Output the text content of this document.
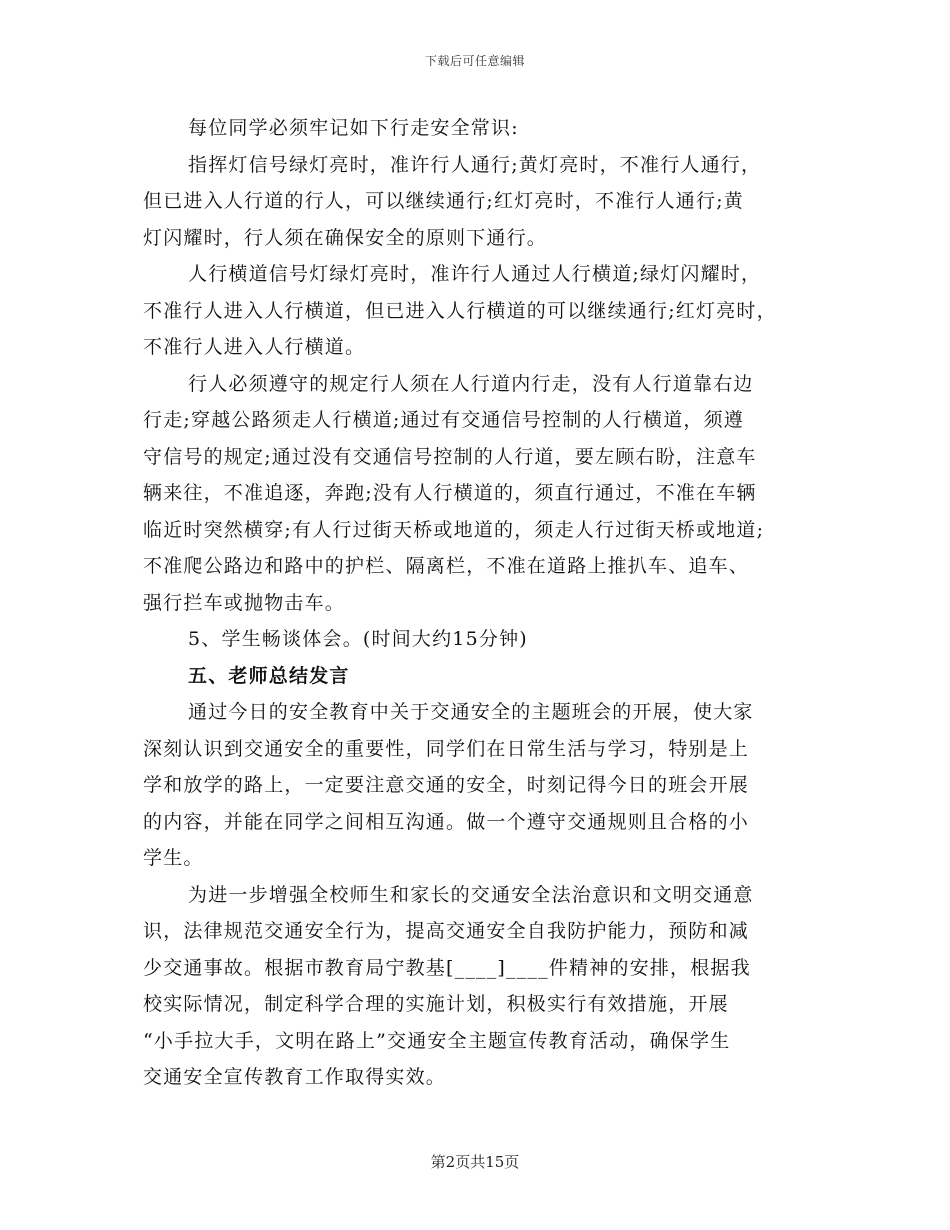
下载后可任意编辑
每位同学必须牢记如下行走安全常识:
指挥灯信号绿灯亮时，准许行人通行;黄灯亮时，不准行人通行，
但已进入人行道的行人，可以继续通行;红灯亮时，不准行人通行;黄
灯闪耀时，行人须在确保安全的原则下通行。
人行横道信号灯绿灯亮时，准许行人通过人行横道;绿灯闪耀时，
不准行人进入人行横道，但已进入人行横道的可以继续通行;红灯亮时，
不准行人进入人行横道。
行人必须遵守的规定行人须在人行道内行走，没有人行道靠右边
行走;穿越公路须走人行横道;通过有交通信号控制的人行横道，须遵
守信号的规定;通过没有交通信号控制的人行道，要左顾右盼，注意车
辆来往，不准追逐，奔跑;没有人行横道的，须直行通过，不准在车辆
临近时突然横穿;有人行过街天桥或地道的，须走人行过街天桥或地道;
不准爬公路边和路中的护栏、隔离栏，不准在道路上推扒车、追车、
强行拦车或抛物击车。
5、学生畅谈体会。(时间大约15分钟)
五、老师总结发言
通过今日的安全教育中关于交通安全的主题班会的开展，使大家
深刻认识到交通安全的重要性，同学们在日常生活与学习，特别是上
学和放学的路上，一定要注意交通的安全，时刻记得今日的班会开展
的内容，并能在同学之间相互沟通。做一个遵守交通规则且合格的小
学生。
为进一步增强全校师生和家长的交通安全法治意识和文明交通意
识，法律规范交通安全行为，提高交通安全自我防护能力，预防和减
少交通事故。根据市教育局宁教基[____]____件精神的安排，根据我
校实际情况，制定科学合理的实施计划，积极实行有效措施，开展
“小手拉大手，文明在路上”交通安全主题宣传教育活动，确保学生
交通安全宣传教育工作取得实效。
第2页共15页
